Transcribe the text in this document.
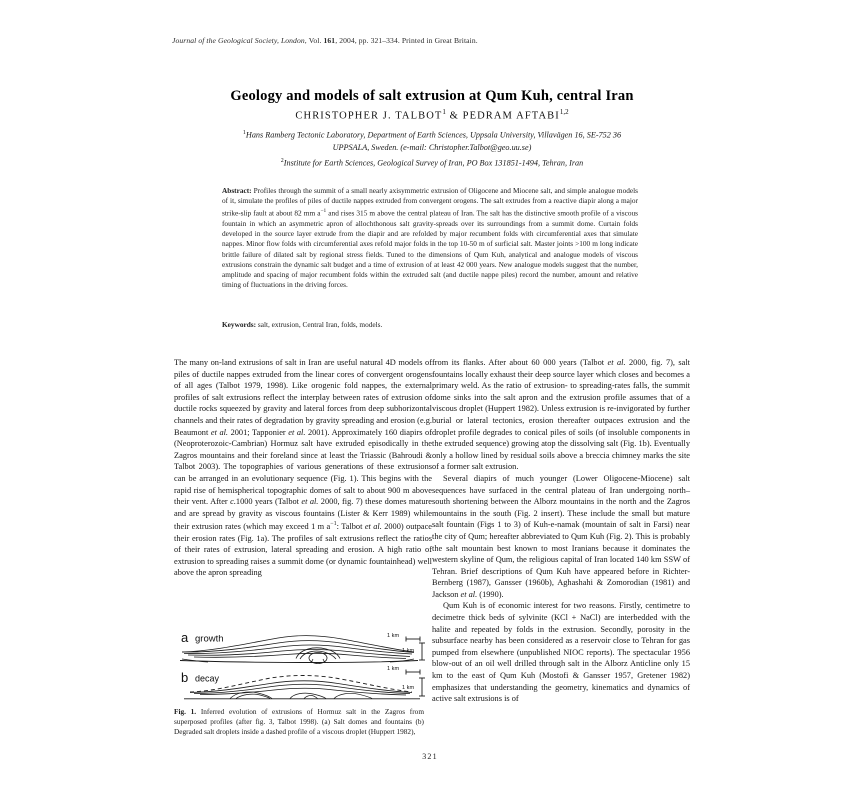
Journal of the Geological Society, London, Vol. 161, 2004, pp. 321–334. Printed in Great Britain.
Geology and models of salt extrusion at Qum Kuh, central Iran
CHRISTOPHER J. TALBOT$^1$ & PEDRAM AFTABI$^{1,2}$
$^1$Hans Ramberg Tectonic Laboratory, Department of Earth Sciences, Uppsala University, Villavägen 16, SE-752 36
UPPSALA, Sweden. (e-mail: Christopher.Talbot@geo.uu.se)
$^2$Institute for Earth Sciences, Geological Survey of Iran, PO Box 131851-1494, Tehran, Iran
Abstract: Profiles through the summit of a small nearly axisymmetric extrusion of Oligocene and Miocene salt, and simple analogue models of it, simulate the profiles of piles of ductile nappes extruded from convergent orogens. The salt extrudes from a reactive diapir along a major strike-slip fault at about 82 mm $a^{-1}$ and rises 315 m above the central plateau of Iran. The salt has the distinctive smooth profile of a viscous fountain in which an asymmetric apron of allochthonous salt gravity-spreads over its surroundings from a summit dome. Curtain folds developed in the source layer extrude from the diapir and are refolded by major recumbent folds with circumferential axes that simulate nappes. Minor flow folds with circumferential axes refold major folds in the top 10-50 m of surficial salt. Master joints >100 m long indicate brittle failure of dilated salt by regional stress fields. Tuned to the dimensions of Qum Kuh, analytical and analogue models of viscous extrusions constrain the dynamic salt budget and a time of extrusion of at least 42 000 years. New analogue models suggest that the number, amplitude and spacing of major recumbent folds within the extruded salt (and ductile nappe piles) record the number, amount and relative timing of fluctuations in the driving forces.
Keywords: salt, extrusion, Central Iran, folds, models.

The many on-land extrusions of salt in Iran are useful natural 4D models of piles of ductile nappes extruded from the linear cores of convergent orogens of all ages (Talbot 1979, 1998). Like orogenic fold nappes, the external profiles of salt extrusions reflect the interplay between rates of extrusion of ductile rocks squeezed by gravity and lateral forces from deep subhorizontal channels and their rates of degradation by gravity spreading and erosion (e.g. Beaumont et al. 2001; Tapponier et al. 2001). Approximately 160 diapirs of (Neoproterozoic-Cambrian) Hormuz salt have extruded episodically in the Zagros mountains and their foreland since at least the Triassic (Bahroudi & Talbot 2003). The topographies of various generations of these extrusions can be arranged in an evolutionary sequence (Fig. 1). This begins with the rapid rise of hemispherical topographic domes of salt to about 900 m above their vent. After c.1000 years (Talbot et al. 2000, fig. 7) these domes mature and are spread by gravity as viscous fountains (Lister & Kerr 1989) while their extrusion rates (which may exceed 1 m $a^{-1}$: Talbot et al. 2000) outpace their erosion rates (Fig. 1a). The profiles of salt extrusions reflect the ratios of their rates of extrusion, lateral spreading and erosion. A high ratio of extrusion to spreading raises a summit dome (or dynamic fountainhead) well above the apron spreading

from its flanks. After about 60 000 years (Talbot et al. 2000, fig. 7), salt fountains locally exhaust their deep source layer which closes and becomes a primary weld. As the ratio of extrusion- to spreading-rates falls, the summit dome sinks into the salt apron and the extrusion profile assumes that of a viscous droplet (Huppert 1982). Unless extrusion is re-invigorated by further burial or lateral tectonics, erosion thereafter outpaces extrusion and the droplet profile degrades to conical piles of soils (of insoluble components in the extruded sequence) growing atop the dissolving salt (Fig. 1b). Eventually only a hollow lined by residual soils above a breccia chimney marks the site of a former salt extrusion.

Several diapirs of much younger (Lower Oligocene-Miocene) salt sequences have surfaced in the central plateau of Iran undergoing north–south shortening between the Alborz mountains in the north and the Zagros mountains in the south (Fig. 2 insert). These include the small but mature salt fountain (Figs 1 to 3) of Kuh-e-namak (mountain of salt in Farsi) near the city of Qum; hereafter abbreviated to Qum Kuh (Fig. 2). This is probably the salt mountain best known to most Iranians because it dominates the western skyline of Qum, the religious capital of Iran located 140 km SSW of Tehran. Brief descriptions of Qum Kuh have appeared before in Richter-Bernberg (1987), Gansser (1960b), Aghashahi & Zomorodian (1981) and Jackson et al. (1990).

Qum Kuh is of economic interest for two reasons. Firstly, centimetre to decimetre thick beds of sylvinite (KCl + NaCl) are interbedded with the halite and repeated by folds in the extrusion. Secondly, porosity in the subsurface nearby has been considered as a reservoir close to Tehran for gas pumped from elsewhere (unpublished NIOC reports). The spectacular 1956 blow-out of an oil well drilled through salt in the Alborz Anticline only 15 km to the east of Qum Kuh (Mostofi & Gansser 1957, Gretener 1982) emphasizes that understanding the geometry, kinematics and dynamics of active salt extrusions is of

a growth
b decay
1 km
1 km
1 km
1 km
Fig. 1. Inferred evolution of extrusions of Hormuz salt in the Zagros from superposed profiles (after fig. 3, Talbot 1998). (a) Salt domes and fountains (b) Degraded salt droplets inside a dashed profile of a viscous droplet (Huppert 1982),
321
